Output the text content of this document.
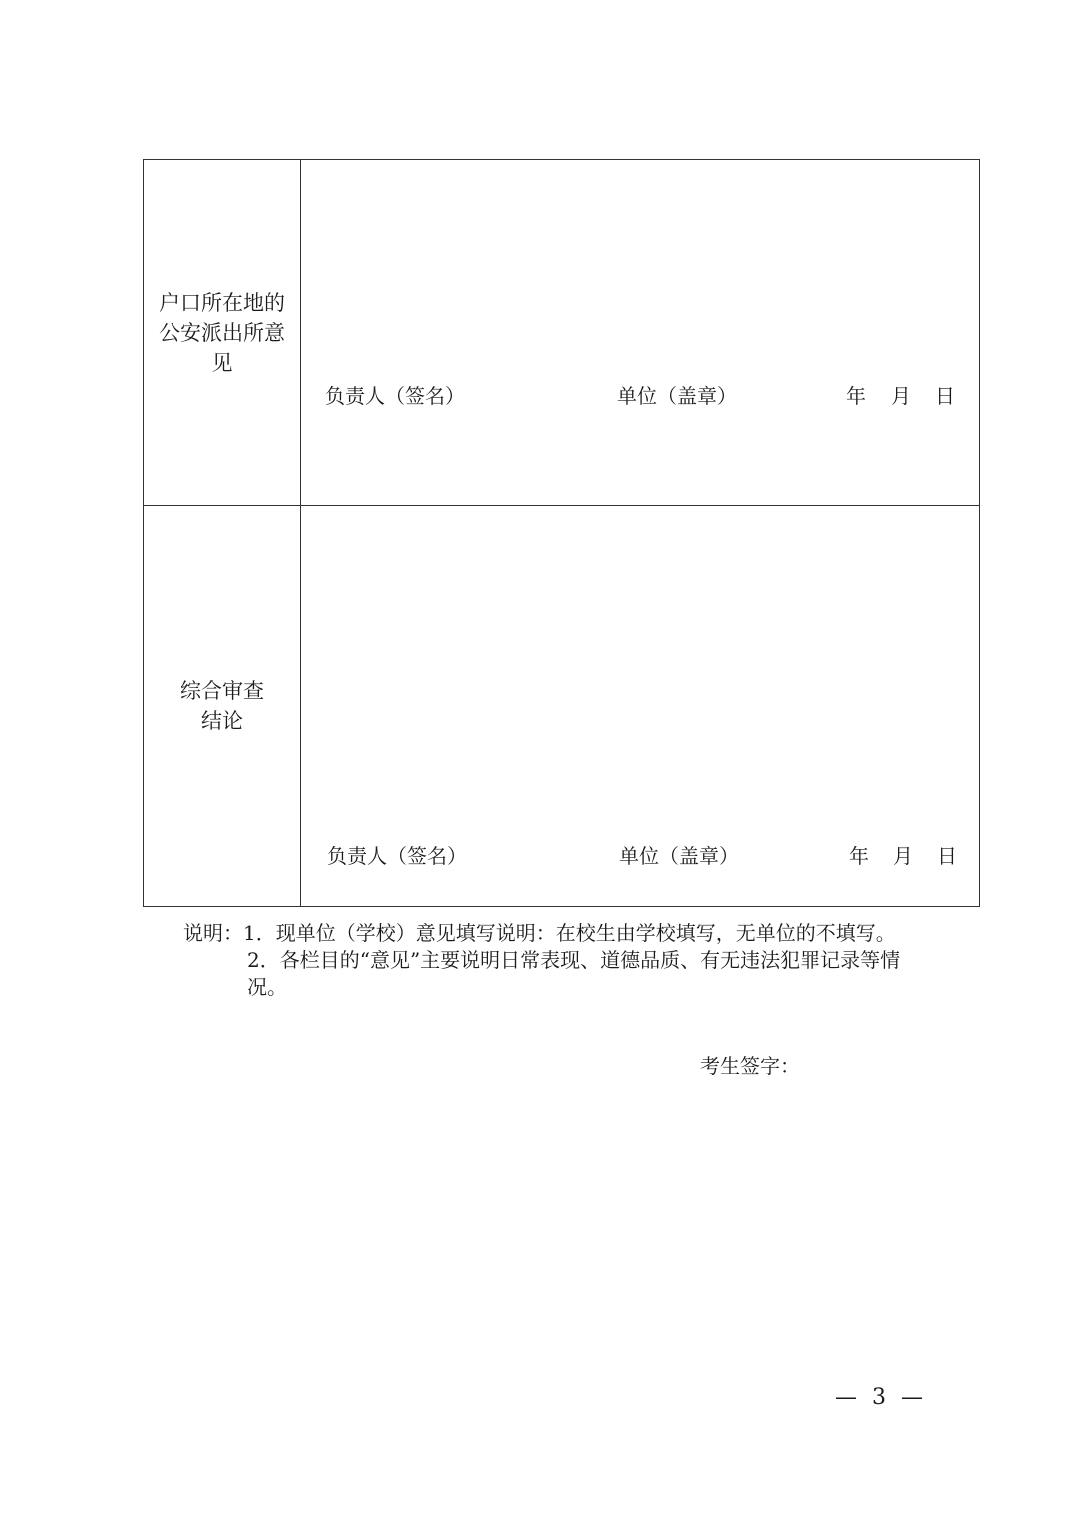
户口所在地的公安派出所意见
负责人（签名）	单位（盖章）	年 月 日
综合审查结论
负责人（签名）	单位（盖章）	年 月 日
说明：1．现单位（学校）意见填写说明：在校生由学校填写，无单位的不填写。
2．各栏目的“意见”主要说明日常表现、道德品质、有无违法犯罪记录等情
况。
考生签字：
— 3 —
